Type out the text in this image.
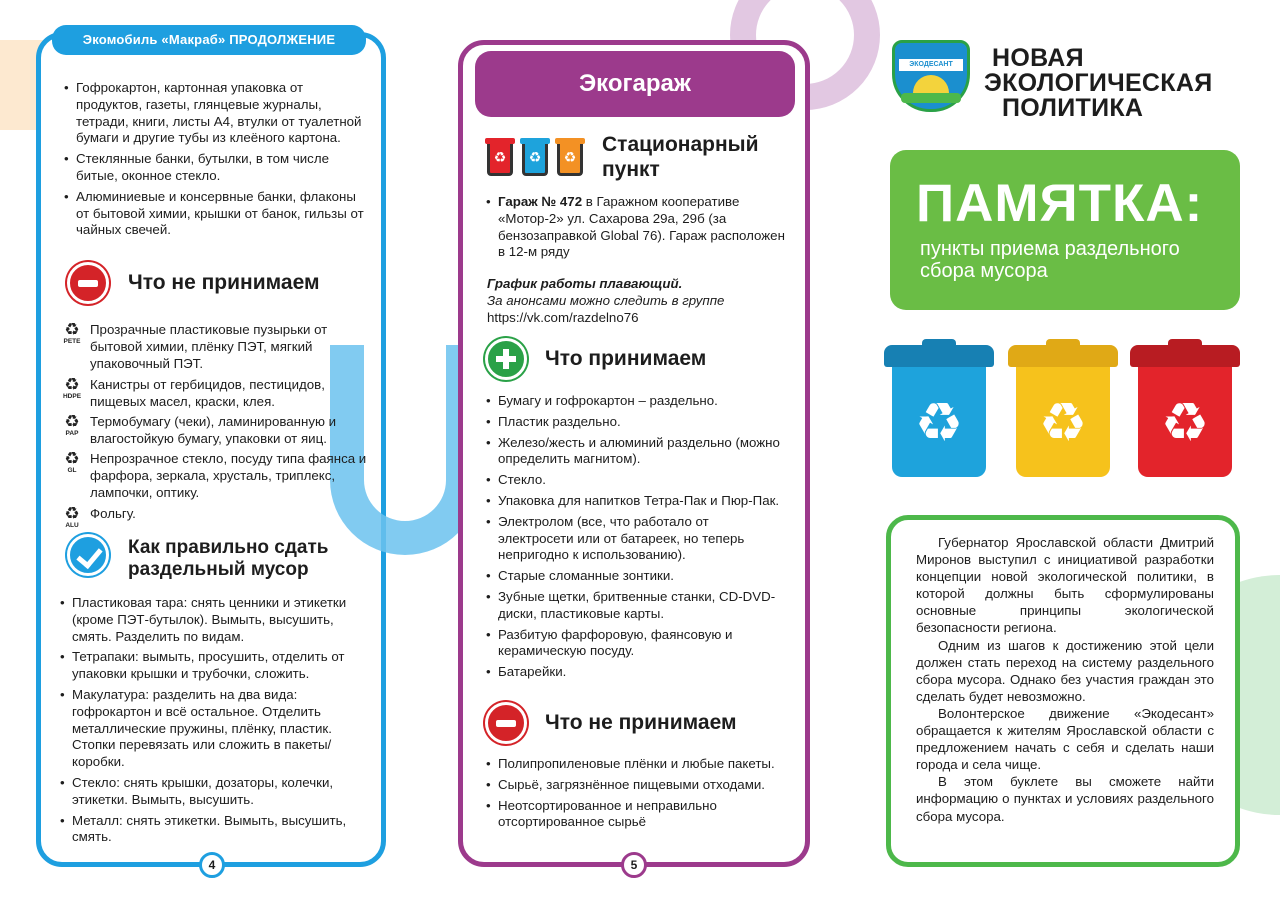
Экомобиль «Макраб» ПРОДОЛЖЕНИЕ
• Гофрокартон, картонная упаковка от продуктов, газеты, глянцевые журналы, тетради, книги, листы А4, втулки от туалетной бумаги и другие тубы из клеёного картона.
• Стеклянные банки, бутылки, в том числе битые, оконное стекло.
• Алюминиевые и консервные банки, флаконы от бытовой химии, крышки от банок, гильзы от чайных свечей.
Что не принимаем
♻
PETE
Прозрачные пластиковые пузырьки от бытовой химии, плёнку ПЭТ, мягкий упаковочный ПЭТ.
♻
HDPE
Канистры от гербицидов, пестицидов, пищевых масел, краски, клея.
♻
PAP
Термобумагу (чеки), ламинированную и влагостойкую бумагу, упаковки от яиц.
♻
GL
Непрозрачное стекло, посуду типа фаянса и фарфора, зеркала, хрусталь, триплекс, лампочки, оптику.
♻
ALU
Фольгу.
Как правильно сдать
раздельный мусор
• Пластиковая тара: снять ценники и этикетки (кроме ПЭТ-бутылок). Вымыть, высушить, смять. Разделить по видам.
• Тетрапаки: вымыть, просушить, отделить от упаковки крышки и трубочки, сложить.
• Макулатура: разделить на два вида: гофрокартон и всё остальное. Отделить металлические пружины, плёнку, пластик. Стопки перевязать или сложить в пакеты/коробки.
• Стекло: снять крышки, дозаторы, колечки, этикетки. Вымыть, высушить.
• Металл: снять этикетки. Вымыть, высушить, смять.
4
Экогараж
♻	♻	♻
Стационарный
пункт
• Гараж № 472 в Гаражном кооперативе «Мотор-2» ул. Сахарова 29а, 29б (за бензозаправкой Global 76). Гараж расположен в 12-м ряду
График работы плавающий.
За анонсами можно следить в группе
https://vk.com/razdelno76
Что принимаем
• Бумагу и гофрокартон – раздельно.
• Пластик раздельно.
• Железо/жесть и алюминий раздельно (можно определить магнитом).
• Стекло.
• Упаковка для напитков Тетра-Пак и Пюр-Пак.
• Электролом (все, что работало от электросети или от батареек, но теперь непригодно к использованию).
• Старые сломанные зонтики.
• Зубные щетки, бритвенные станки, CD-DVD-диски, пластиковые карты.
• Разбитую фарфоровую, фаянсовую и керамическую посуду.
• Батарейки.
Что не принимаем
• Полипропиленовые плёнки и любые пакеты.
• Сырьё, загрязнённое пищевыми отходами.
• Неотсортированное и неправильно отсортированное сырьё
5
ЭКОДЕСАНТ	НОВАЯ
ЭКОЛОГИЧЕСКАЯ
ПОЛИТИКА
ПАМЯТКА:
пункты приема раздельного сбора мусора
♻	♻	♻

Губернатор Ярославской области Дмитрий Миронов выступил с инициативой разработки концепции новой экологической политики, в которой должны быть сформулированы основные принципы экологической безопасности региона.

Одним из шагов к достижению этой цели должен стать переход на систему раздельного сбора мусора. Однако без участия граждан это сделать будет невозможно.

Волонтерское движение «Экодесант» обращается к жителям Ярославской области с предложением начать с себя и сделать наши города и села чище.

В этом буклете вы сможете найти информацию о пунктах и условиях раздельного сбора мусора.
